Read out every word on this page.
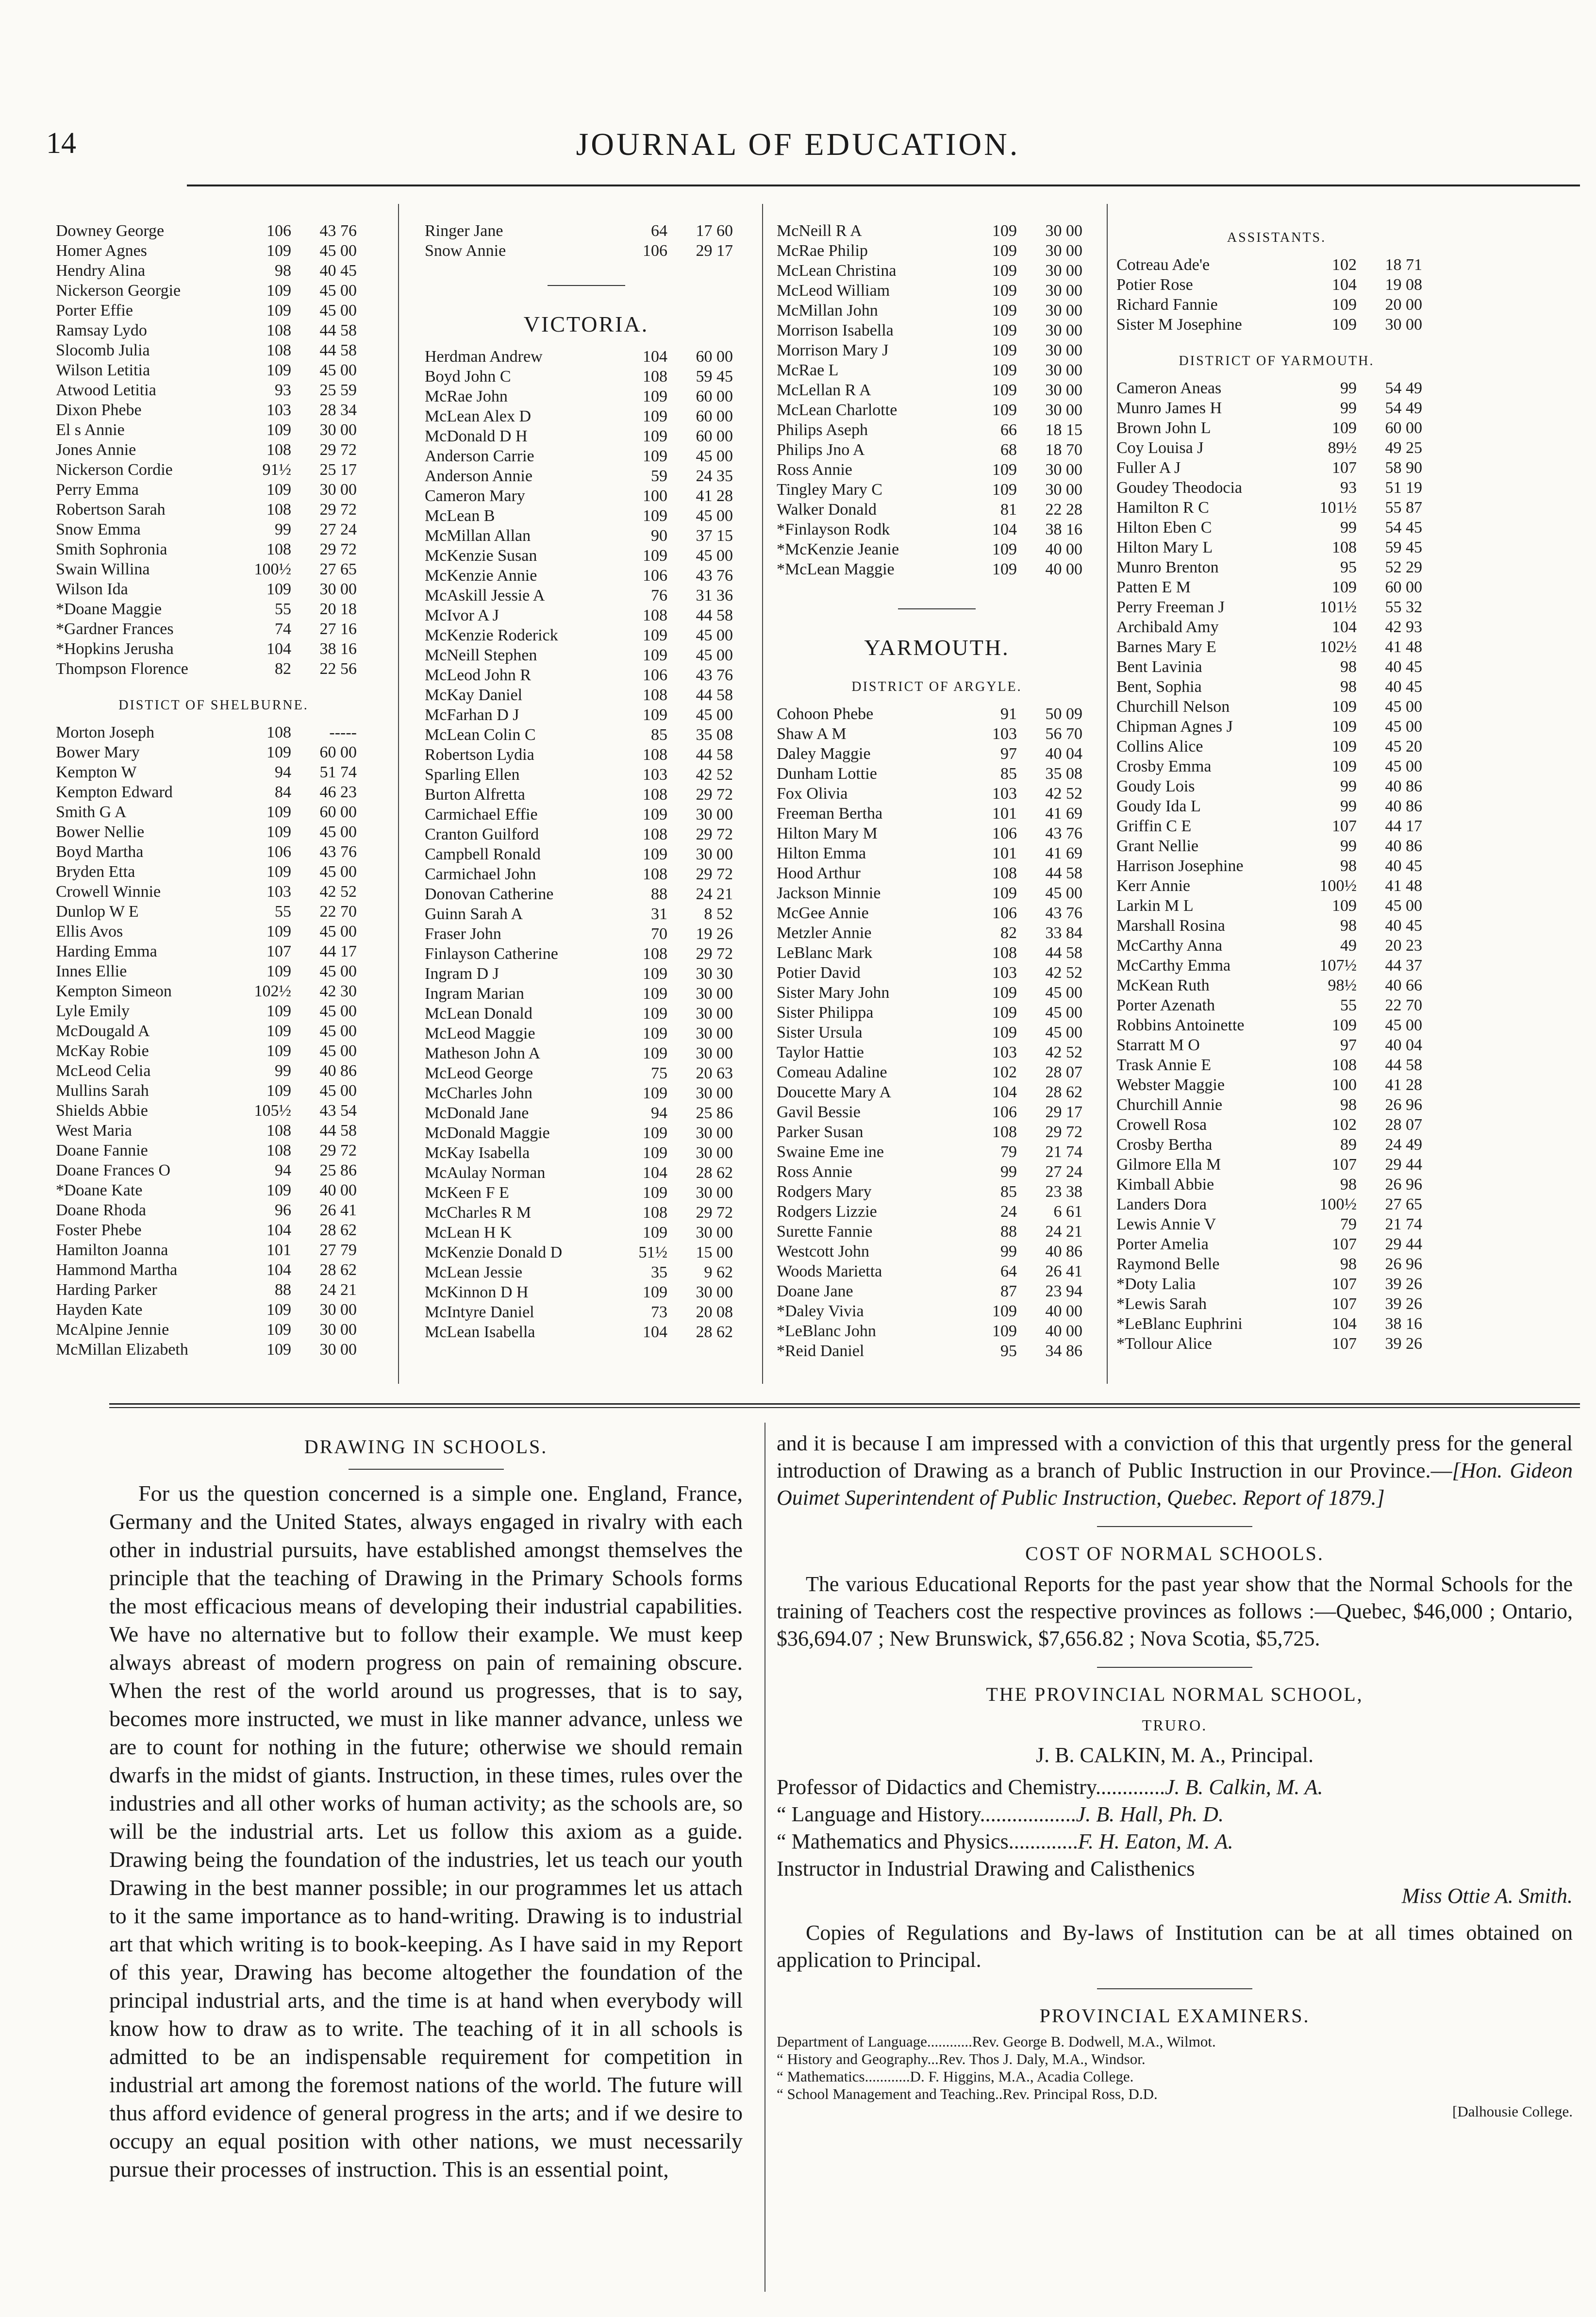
14	JOURNAL OF EDUCATION.
Downey George	106	43 76
Homer Agnes	109	45 00
Hendry Alina	98	40 45
Nickerson Georgie	109	45 00
Porter Effie	109	45 00
Ramsay Lydo	108	44 58
Slocomb Julia	108	44 58
Wilson Letitia	109	45 00
Atwood Letitia	93	25 59
Dixon Phebe	103	28 34
El s Annie	109	30 00
Jones Annie	108	29 72
Nickerson Cordie	91½	25 17
Perry Emma	109	30 00
Robertson Sarah	108	29 72
Snow Emma	99	27 24
Smith Sophronia	108	29 72
Swain Willina	100½	27 65
Wilson Ida	109	30 00
*Doane Maggie	55	20 18
*Gardner Frances	74	27 16
*Hopkins Jerusha	104	38 16
Thompson Florence	82	22 56
DISTICT OF SHELBURNE.
Morton Joseph	108	-----
Bower Mary	109	60 00
Kempton W	94	51 74
Kempton Edward	84	46 23
Smith G A	109	60 00
Bower Nellie	109	45 00
Boyd Martha	106	43 76
Bryden Etta	109	45 00
Crowell Winnie	103	42 52
Dunlop W E	55	22 70
Ellis Avos	109	45 00
Harding Emma	107	44 17
Innes Ellie	109	45 00
Kempton Simeon	102½	42 30
Lyle Emily	109	45 00
McDougald A	109	45 00
McKay Robie	109	45 00
McLeod Celia	99	40 86
Mullins Sarah	109	45 00
Shields Abbie	105½	43 54
West Maria	108	44 58
Doane Fannie	108	29 72
Doane Frances O	94	25 86
*Doane Kate	109	40 00
Doane Rhoda	96	26 41
Foster Phebe	104	28 62
Hamilton Joanna	101	27 79
Hammond Martha	104	28 62
Harding Parker	88	24 21
Hayden Kate	109	30 00
McAlpine Jennie	109	30 00
McMillan Elizabeth	109	30 00
Ringer Jane	64	17 60
Snow Annie	106	29 17
VICTORIA.
Herdman Andrew	104	60 00
Boyd John C	108	59 45
McRae John	109	60 00
McLean Alex D	109	60 00
McDonald D H	109	60 00
Anderson Carrie	109	45 00
Anderson Annie	59	24 35
Cameron Mary	100	41 28
McLean B	109	45 00
McMillan Allan	90	37 15
McKenzie Susan	109	45 00
McKenzie Annie	106	43 76
McAskill Jessie A	76	31 36
McIvor A J	108	44 58
McKenzie Roderick	109	45 00
McNeill Stephen	109	45 00
McLeod John R	106	43 76
McKay Daniel	108	44 58
McFarhan D J	109	45 00
McLean Colin C	85	35 08
Robertson Lydia	108	44 58
Sparling Ellen	103	42 52
Burton Alfretta	108	29 72
Carmichael Effie	109	30 00
Cranton Guilford	108	29 72
Campbell Ronald	109	30 00
Carmichael John	108	29 72
Donovan Catherine	88	24 21
Guinn Sarah A	31	8 52
Fraser John	70	19 26
Finlayson Catherine	108	29 72
Ingram D J	109	30 30
Ingram Marian	109	30 00
McLean Donald	109	30 00
McLeod Maggie	109	30 00
Matheson John A	109	30 00
McLeod George	75	20 63
McCharles John	109	30 00
McDonald Jane	94	25 86
McDonald Maggie	109	30 00
McKay Isabella	109	30 00
McAulay Norman	104	28 62
McKeen F E	109	30 00
McCharles R M	108	29 72
McLean H K	109	30 00
McKenzie Donald D	51½	15 00
McLean Jessie	35	9 62
McKinnon D H	109	30 00
McIntyre Daniel	73	20 08
McLean Isabella	104	28 62
McNeill R A	109	30 00
McRae Philip	109	30 00
McLean Christina	109	30 00
McLeod William	109	30 00
McMillan John	109	30 00
Morrison Isabella	109	30 00
Morrison Mary J	109	30 00
McRae L	109	30 00
McLellan R A	109	30 00
McLean Charlotte	109	30 00
Philips Aseph	66	18 15
Philips Jno A	68	18 70
Ross Annie	109	30 00
Tingley Mary C	109	30 00
Walker Donald	81	22 28
*Finlayson Rodk	104	38 16
*McKenzie Jeanie	109	40 00
*McLean Maggie	109	40 00
YARMOUTH.
DISTRICT OF ARGYLE.
Cohoon Phebe	91	50 09
Shaw A M	103	56 70
Daley Maggie	97	40 04
Dunham Lottie	85	35 08
Fox Olivia	103	42 52
Freeman Bertha	101	41 69
Hilton Mary M	106	43 76
Hilton Emma	101	41 69
Hood Arthur	108	44 58
Jackson Minnie	109	45 00
McGee Annie	106	43 76
Metzler Annie	82	33 84
LeBlanc Mark	108	44 58
Potier David	103	42 52
Sister Mary John	109	45 00
Sister Philippa	109	45 00
Sister Ursula	109	45 00
Taylor Hattie	103	42 52
Comeau Adaline	102	28 07
Doucette Mary A	104	28 62
Gavil Bessie	106	29 17
Parker Susan	108	29 72
Swaine Eme ine	79	21 74
Ross Annie	99	27 24
Rodgers Mary	85	23 38
Rodgers Lizzie	24	6 61
Surette Fannie	88	24 21
Westcott John	99	40 86
Woods Marietta	64	26 41
Doane Jane	87	23 94
*Daley Vivia	109	40 00
*LeBlanc John	109	40 00
*Reid Daniel	95	34 86
ASSISTANTS.
Cotreau Ade'e	102	18 71
Potier Rose	104	19 08
Richard Fannie	109	20 00
Sister M Josephine	109	30 00
DISTRICT OF YARMOUTH.
Cameron Aneas	99	54 49
Munro James H	99	54 49
Brown John L	109	60 00
Coy Louisa J	89½	49 25
Fuller A J	107	58 90
Goudey Theodocia	93	51 19
Hamilton R C	101½	55 87
Hilton Eben C	99	54 45
Hilton Mary L	108	59 45
Munro Brenton	95	52 29
Patten E M	109	60 00
Perry Freeman J	101½	55 32
Archibald Amy	104	42 93
Barnes Mary E	102½	41 48
Bent Lavinia	98	40 45
Bent, Sophia	98	40 45
Churchill Nelson	109	45 00
Chipman Agnes J	109	45 00
Collins Alice	109	45 20
Crosby Emma	109	45 00
Goudy Lois	99	40 86
Goudy Ida L	99	40 86
Griffin C E	107	44 17
Grant Nellie	99	40 86
Harrison Josephine	98	40 45
Kerr Annie	100½	41 48
Larkin M L	109	45 00
Marshall Rosina	98	40 45
McCarthy Anna	49	20 23
McCarthy Emma	107½	44 37
McKean Ruth	98½	40 66
Porter Azenath	55	22 70
Robbins Antoinette	109	45 00
Starratt M O	97	40 04
Trask Annie E	108	44 58
Webster Maggie	100	41 28
Churchill Annie	98	26 96
Crowell Rosa	102	28 07
Crosby Bertha	89	24 49
Gilmore Ella M	107	29 44
Kimball Abbie	98	26 96
Landers Dora	100½	27 65
Lewis Annie V	79	21 74
Porter Amelia	107	29 44
Raymond Belle	98	26 96
*Doty Lalia	107	39 26
*Lewis Sarah	107	39 26
*LeBlanc Euphrini	104	38 16
*Tollour Alice	107	39 26
DRAWING IN SCHOOLS.

For us the question concerned is a simple one. England, France, Germany and the United States, always engaged in rivalry with each other in industrial pursuits, have established amongst themselves the principle that the teaching of Drawing in the Primary Schools forms the most efficacious means of developing their industrial capabilities. We have no alternative but to follow their example. We must keep always abreast of modern progress on pain of remaining obscure. When the rest of the world around us progresses, that is to say, becomes more instructed, we must in like manner advance, unless we are to count for nothing in the future; otherwise we should remain dwarfs in the midst of giants. Instruction, in these times, rules over the industries and all other works of human activity; as the schools are, so will be the industrial arts. Let us follow this axiom as a guide. Drawing being the foundation of the industries, let us teach our youth Drawing in the best manner possible; in our programmes let us attach to it the same importance as to hand-writing. Drawing is to industrial art that which writing is to book-keeping. As I have said in my Report of this year, Drawing has become altogether the foundation of the principal industrial arts, and the time is at hand when everybody will know how to draw as to write. The teaching of it in all schools is admitted to be an indispensable requirement for competition in industrial art among the foremost nations of the world. The future will thus afford evidence of general progress in the arts; and if we desire to occupy an equal position with other nations, we must necessarily pursue their processes of instruction. This is an essential point,

and it is because I am impressed with a conviction of this that urgently press for the general introduction of Drawing as a branch of Public Instruction in our Province.—[Hon. Gideon Ouimet Superintendent of Public Instruction, Quebec. Report of 1879.]
COST OF NORMAL SCHOOLS.

The various Educational Reports for the past year show that the Normal Schools for the training of Teachers cost the respective provinces as follows :—Quebec, $46,000 ; Ontario, $36,694.07 ; New Brunswick, $7,656.82 ; Nova Scotia, $5,725.

THE PROVINCIAL NORMAL SCHOOL,
TRURO.
J. B. CALKIN, M. A., Principal.
Professor of Didactics and Chemistry.............J. B. Calkin, M. A.
“ Language and History..................J. B. Hall, Ph. D.
“ Mathematics and Physics.............F. H. Eaton, M. A.
Instructor in Industrial Drawing and Calisthenics
Miss Ottie A. Smith.

Copies of Regulations and By-laws of Institution can be at all times obtained on application to Principal.

PROVINCIAL EXAMINERS.
Department of Language............Rev. George B. Dodwell, M.A., Wilmot.
“ History and Geography...Rev. Thos J. Daly, M.A., Windsor.
“ Mathematics............D. F. Higgins, M.A., Acadia College.
“ School Management and Teaching..Rev. Principal Ross, D.D.
[Dalhousie College.
